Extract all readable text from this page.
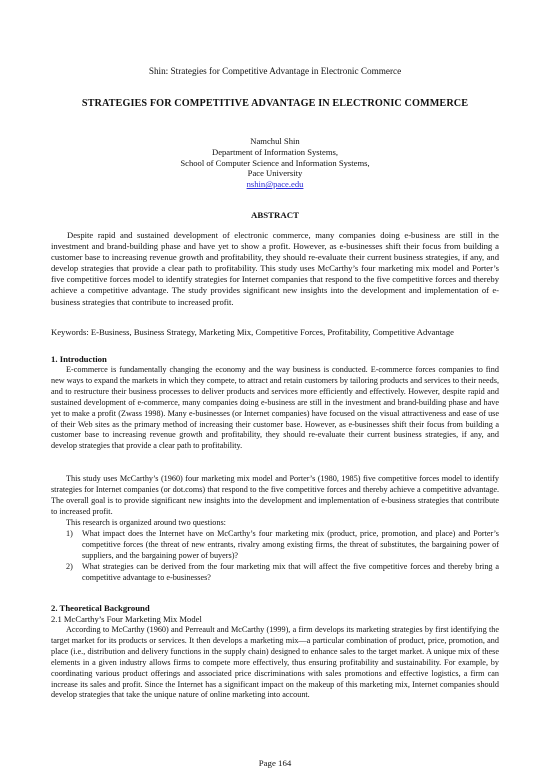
Shin: Strategies for Competitive Advantage in Electronic Commerce
STRATEGIES FOR COMPETITIVE ADVANTAGE IN ELECTRONIC COMMERCE
Namchul Shin
Department of Information Systems,
School of Computer Science and Information Systems,
Pace University
nshin@pace.edu
ABSTRACT

Despite rapid and sustained development of electronic commerce, many companies doing e-business are still in the investment and brand-building phase and have yet to show a profit. However, as e-businesses shift their focus from building a customer base to increasing revenue growth and profitability, they should re-evaluate their current business strategies, if any, and develop strategies that provide a clear path to profitability. This study uses McCarthy’s four marketing mix model and Porter’s five competitive forces model to identify strategies for Internet companies that respond to the five competitive forces and thereby achieve a competitive advantage. The study provides significant new insights into the development and implementation of e-business strategies that contribute to increased profit.

Keywords: E-Business, Business Strategy, Marketing Mix, Competitive Forces, Profitability, Competitive Advantage

1. Introduction

E-commerce is fundamentally changing the economy and the way business is conducted. E-commerce forces companies to find new ways to expand the markets in which they compete, to attract and retain customers by tailoring products and services to their needs, and to restructure their business processes to deliver products and services more efficiently and effectively. However, despite rapid and sustained development of e-commerce, many companies doing e-business are still in the investment and brand-building phase and have yet to make a profit (Zwass 1998). Many e-businesses (or Internet companies) have focused on the visual attractiveness and ease of use of their Web sites as the primary method of increasing their customer base. However, as e-businesses shift their focus from building a customer base to increasing revenue growth and profitability, they should re-evaluate their current business strategies, if any, and develop strategies that provide a clear path to profitability.

This study uses McCarthy’s (1960) four marketing mix model and Porter’s (1980, 1985) five competitive forces model to identify strategies for Internet companies (or dot.coms) that respond to the five competitive forces and thereby achieve a competitive advantage. The overall goal is to provide significant new insights into the development and implementation of e-business strategies that contribute to increased profit.

This research is organized around two questions:

1) What impact does the Internet have on McCarthy’s four marketing mix (product, price, promotion, and place) and Porter’s competitive forces (the threat of new entrants, rivalry among existing firms, the threat of substitutes, the bargaining power of suppliers, and the bargaining power of buyers)?
2) What strategies can be derived from the four marketing mix that will affect the five competitive forces and thereby bring a competitive advantage to e-businesses?

2. Theoretical Background

2.1 McCarthy’s Four Marketing Mix Model

According to McCarthy (1960) and Perreault and McCarthy (1999), a firm develops its marketing strategies by first identifying the target market for its products or services. It then develops a marketing mix—a particular combination of product, price, promotion, and place (i.e., distribution and delivery functions in the supply chain) designed to enhance sales to the target market. A unique mix of these elements in a given industry allows firms to compete more effectively, thus ensuring profitability and sustainability. For example, by coordinating various product offerings and associated price discriminations with sales promotions and effective logistics, a firm can increase its sales and profit. Since the Internet has a significant impact on the makeup of this marketing mix, Internet companies should develop strategies that take the unique nature of online marketing into account.

Page 164
